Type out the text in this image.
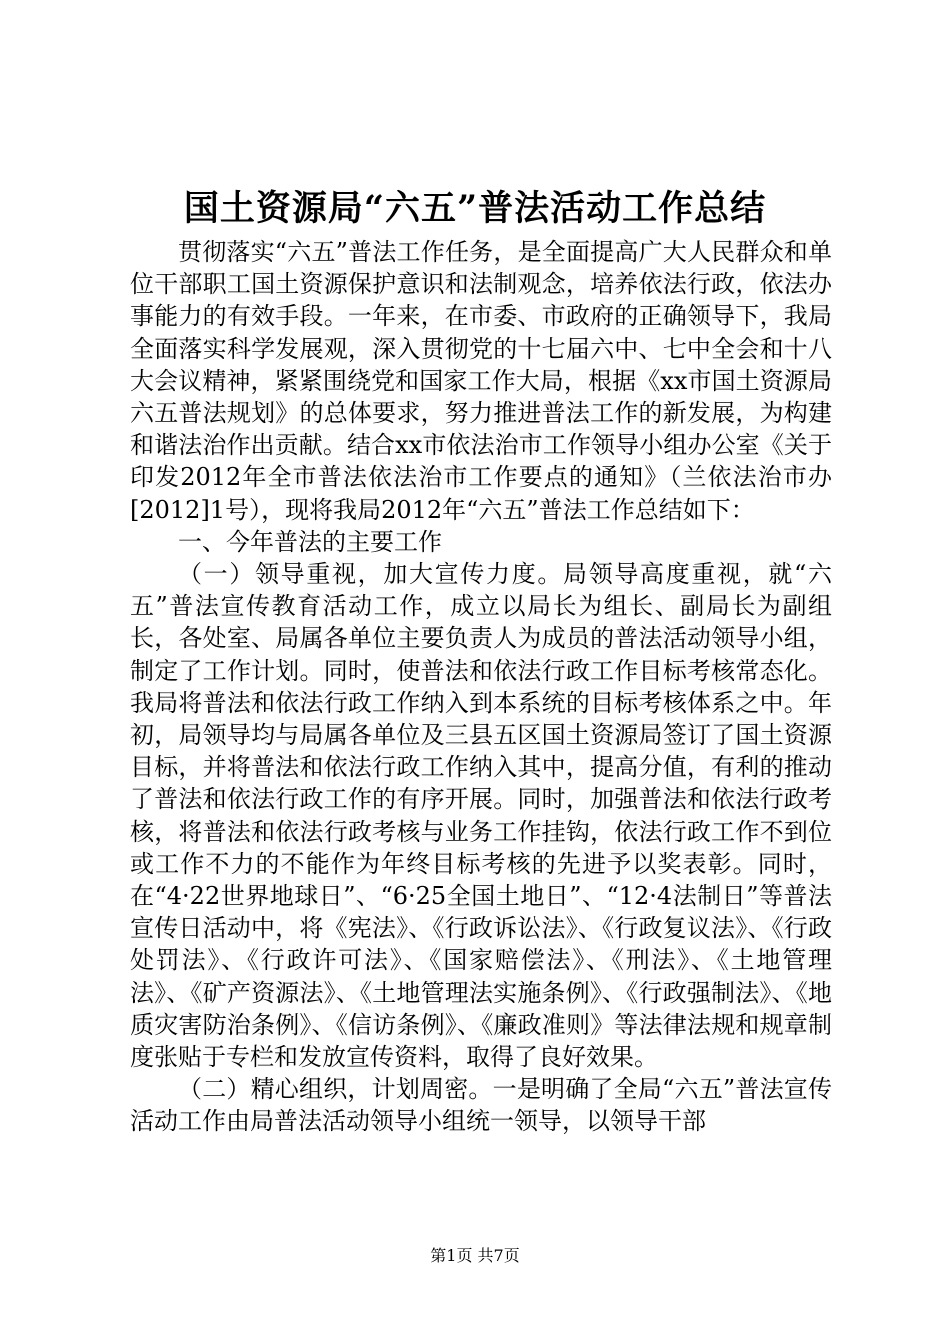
国土资源局“六五”普法活动工作总结

贯彻落实“六五”普法工作任务，是全面提高广大人民群众和单位干部职工国土资源保护意识和法制观念，培养依法行政，依法办事能力的有效手段。一年来，在市委、市政府的正确领导下，我局全面落实科学发展观，深入贯彻党的十七届六中、七中全会和十八大会议精神，紧紧围绕党和国家工作大局，根据《xx市国土资源局六五普法规划》的总体要求，努力推进普法工作的新发展，为构建和谐法治作出贡献。结合xx市依法治市工作领导小组办公室《关于印发2012年全市普法依法治市工作要点的通知》（兰依法治市办[2012]1号），现将我局2012年“六五”普法工作总结如下：

一、今年普法的主要工作

（一）领导重视，加大宣传力度。局领导高度重视，就“六五”普法宣传教育活动工作，成立以局长为组长、副局长为副组长，各处室、局属各单位主要负责人为成员的普法活动领导小组，制定了工作计划。同时，使普法和依法行政工作目标考核常态化。我局将普法和依法行政工作纳入到本系统的目标考核体系之中。年初，局领导均与局属各单位及三县五区国土资源局签订了国土资源目标，并将普法和依法行政工作纳入其中，提高分值，有利的推动了普法和依法行政工作的有序开展。同时，加强普法和依法行政考核，将普法和依法行政考核与业务工作挂钩，依法行政工作不到位或工作不力的不能作为年终目标考核的先进予以奖表彰。同时，在“4·22世界地球日”、“6·25全国土地日”、“12·4法制日”等普法宣传日活动中，将《宪法》、《行政诉讼法》、《行政复议法》、《行政处罚法》、《行政许可法》、《国家赔偿法》、《刑法》、《土地管理法》、《矿产资源法》、《土地管理法实施条例》、《行政强制法》、《地质灾害防治条例》、《信访条例》、《廉政准则》等法律法规和规章制度张贴于专栏和发放宣传资料，取得了良好效果。

（二）精心组织，计划周密。一是明确了全局“六五”普法宣传活动工作由局普法活动领导小组统一领导，以领导干部

第1页 共7页
